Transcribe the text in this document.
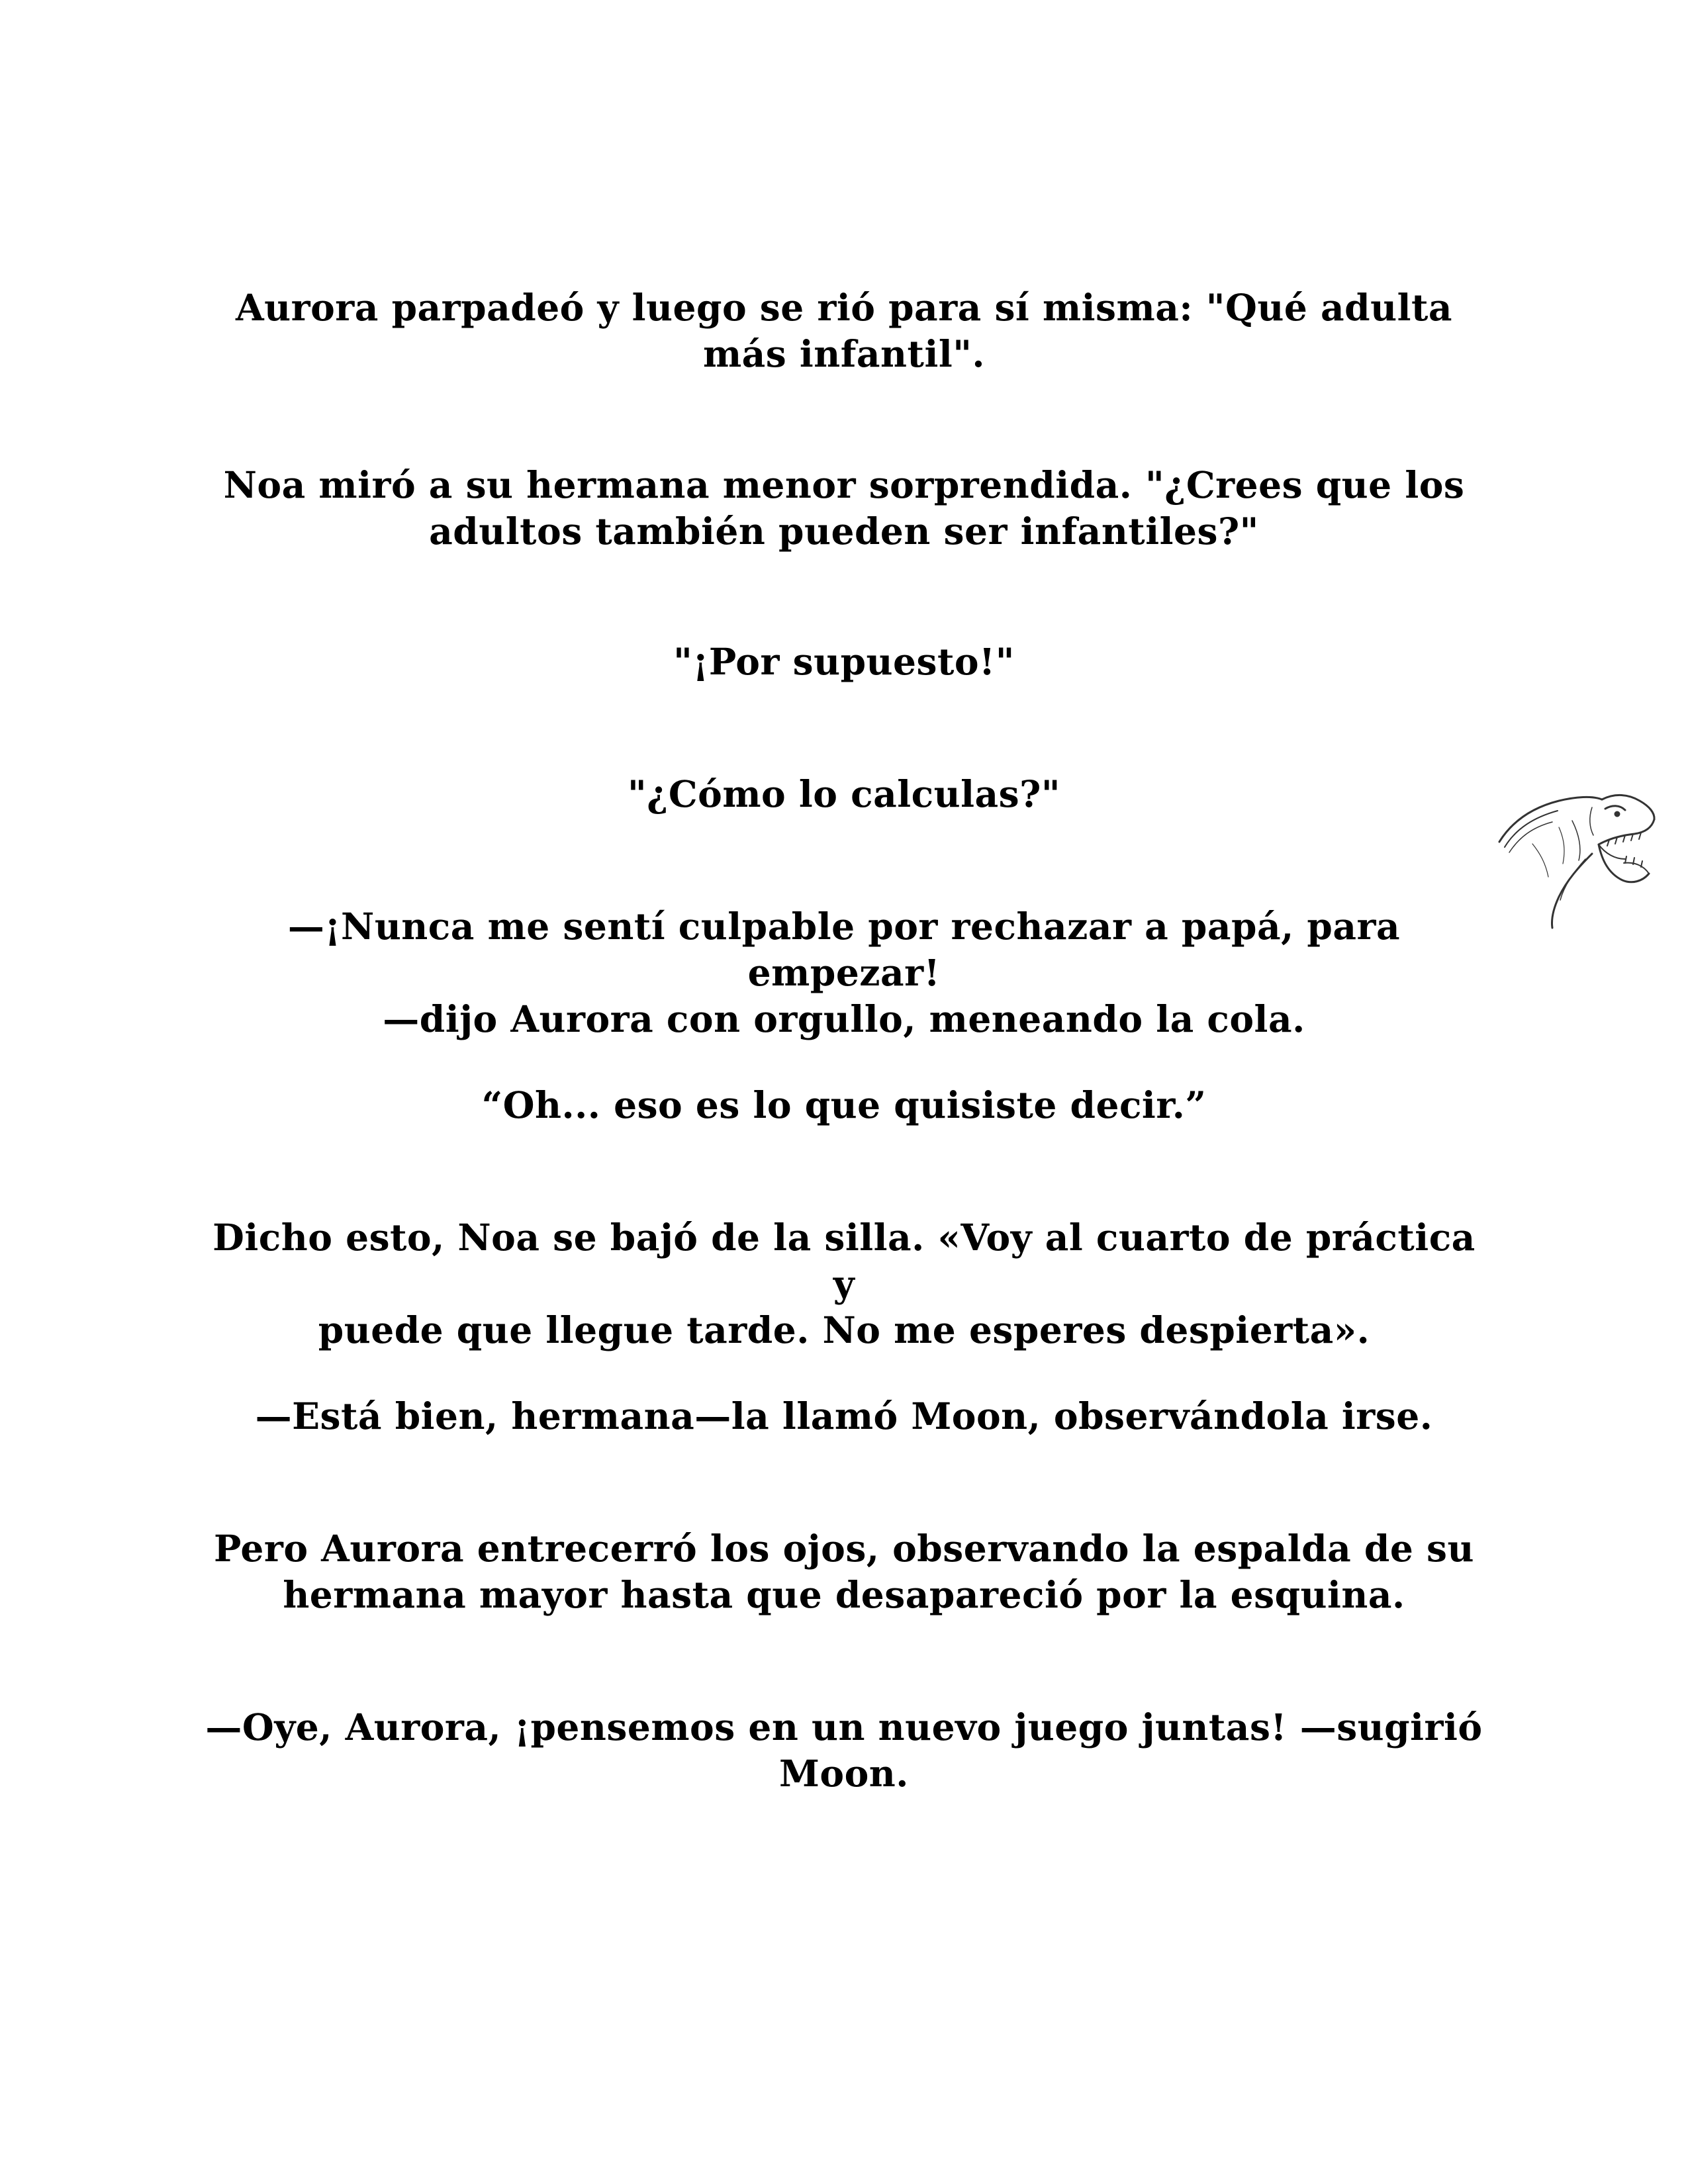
Aurora parpadeó y luego se rió para sí misma: "Qué adulta
más infantil".

Noa miró a su hermana menor sorprendida. "¿Crees que los
adultos también pueden ser infantiles?"

"¡Por supuesto!"

"¿Cómo lo calculas?"

—¡Nunca me sentí culpable por rechazar a papá, para empezar!
—dijo Aurora con orgullo, meneando la cola.

“Oh... eso es lo que quisiste decir.”

Dicho esto, Noa se bajó de la silla. «Voy al cuarto de práctica y
puede que llegue tarde. No me esperes despierta».

—Está bien, hermana—la llamó Moon, observándola irse.

Pero Aurora entrecerró los ojos, observando la espalda de su
hermana mayor hasta que desapareció por la esquina.

—Oye, Aurora, ¡pensemos en un nuevo juego juntas! —sugirió
Moon.
